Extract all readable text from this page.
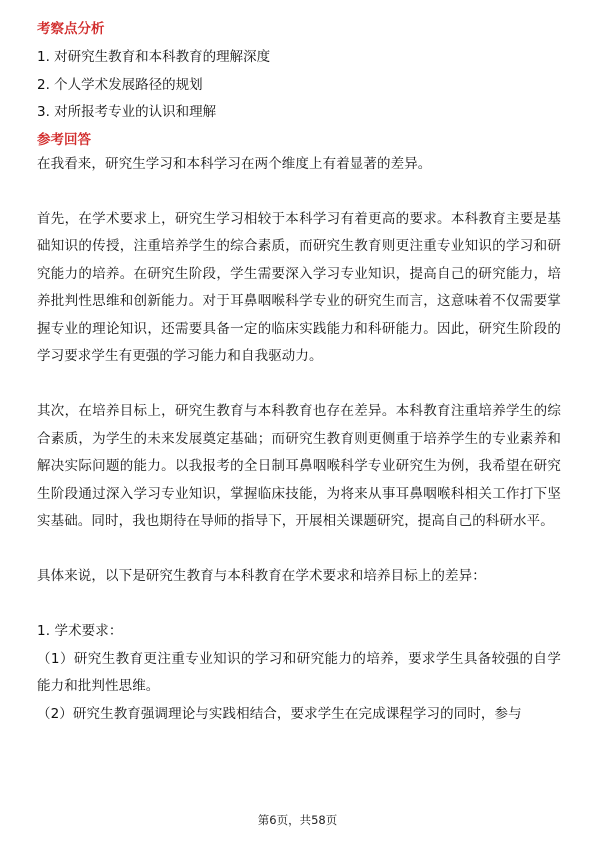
考察点分析

1. 对研究生教育和本科教育的理解深度

2. 个人学术发展路径的规划

3. 对所报考专业的认识和理解

参考回答

在我看来，研究生学习和本科学习在两个维度上有着显著的差异。

首先，在学术要求上，研究生学习相较于本科学习有着更高的要求。本科教育主要是基础知识的传授，注重培养学生的综合素质，而研究生教育则更注重专业知识的学习和研究能力的培养。在研究生阶段，学生需要深入学习专业知识，提高自己的研究能力，培养批判性思维和创新能力。对于耳鼻咽喉科学专业的研究生而言，这意味着不仅需要掌握专业的理论知识，还需要具备一定的临床实践能力和科研能力。因此，研究生阶段的学习要求学生有更强的学习能力和自我驱动力。

其次，在培养目标上，研究生教育与本科教育也存在差异。本科教育注重培养学生的综合素质，为学生的未来发展奠定基础；而研究生教育则更侧重于培养学生的专业素养和解决实际问题的能力。以我报考的全日制耳鼻咽喉科学专业研究生为例，我希望在研究生阶段通过深入学习专业知识，掌握临床技能，为将来从事耳鼻咽喉科相关工作打下坚实基础。同时，我也期待在导师的指导下，开展相关课题研究，提高自己的科研水平。

具体来说，以下是研究生教育与本科教育在学术要求和培养目标上的差异：

1. 学术要求：

（1）研究生教育更注重专业知识的学习和研究能力的培养，要求学生具备较强的自学能力和批判性思维。

（2）研究生教育强调理论与实践相结合，要求学生在完成课程学习的同时，参与

第6页，共58页
